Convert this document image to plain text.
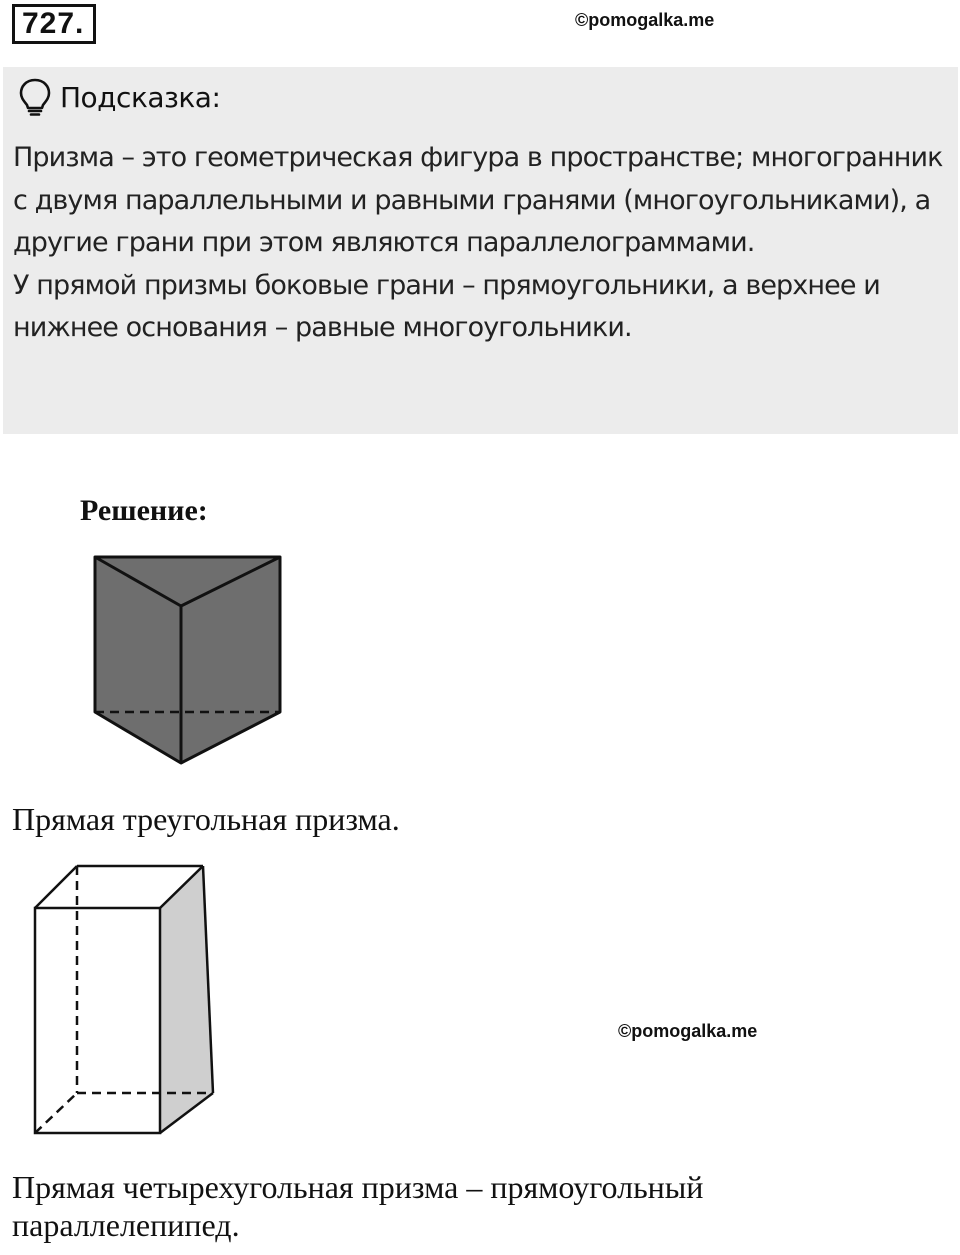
727.	©pomogalka.me
Подсказка:

Призма – это геометрическая фигура в пространстве; многогранник с двумя параллельными и равными гранями (многоугольниками), а другие грани при этом являются параллелограммами.

У прямой призмы боковые грани – прямоугольники, а верхнее и нижнее основания – равные многоугольники.

Решение:
Прямая треугольная призма.
©pomogalka.me
Прямая четырехугольная призма – прямоугольный параллелепипед.
